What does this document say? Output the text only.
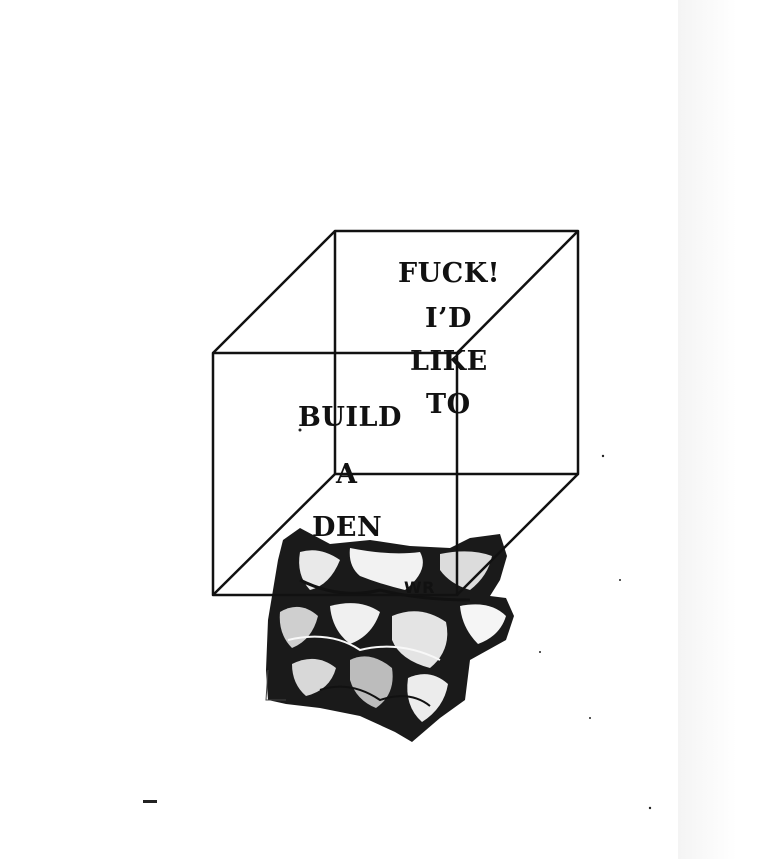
FUCK!
I’D
LIKE
TO
BUILD
A
DEN
WR
